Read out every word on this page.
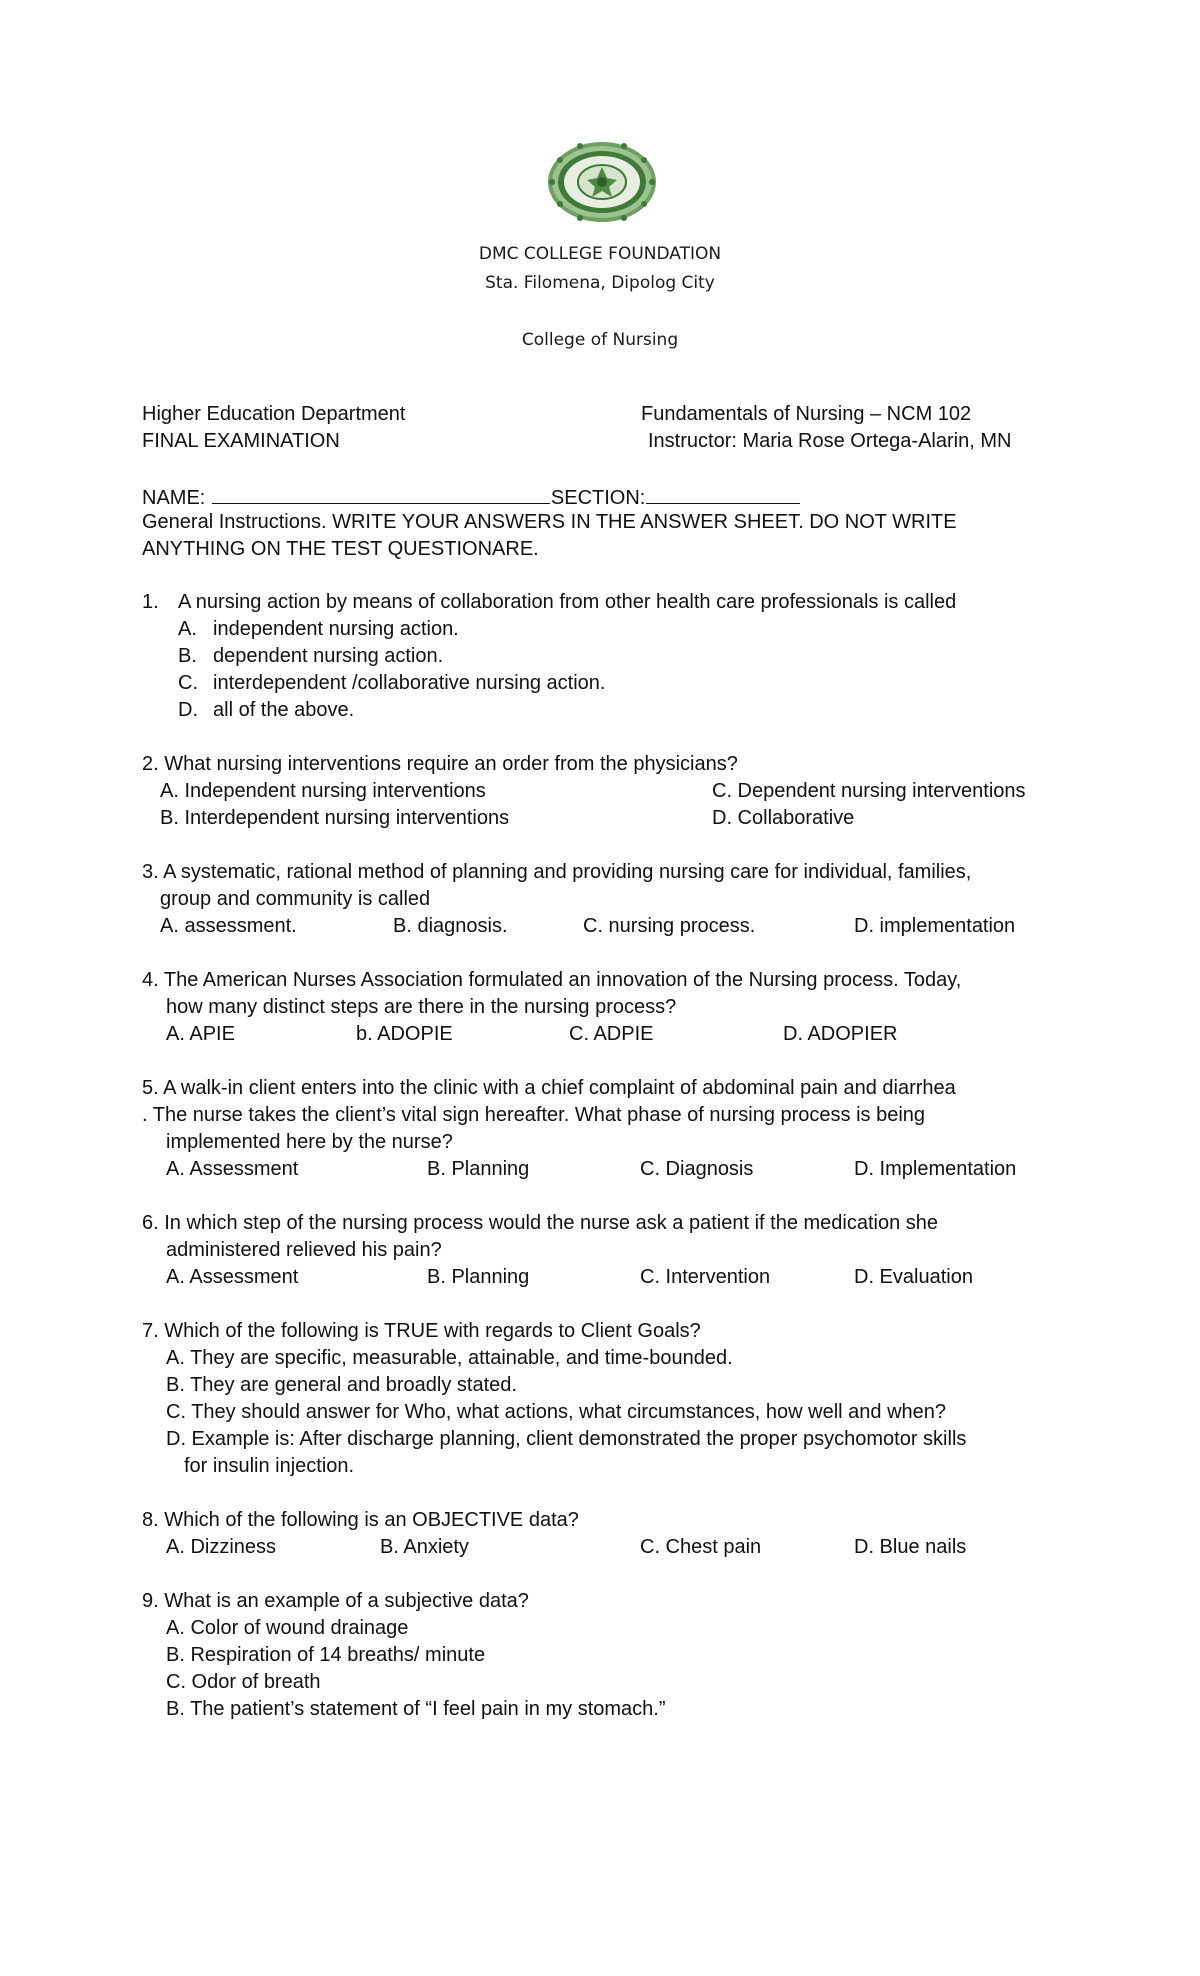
DMC COLLEGE FOUNDATION
Sta. Filomena, Dipolog City
College of Nursing
Higher Education Department
FINAL EXAMINATION
Fundamentals of Nursing – NCM 102
Instructor: Maria Rose Ortega-Alarin, MN
NAME:	SECTION:
General Instructions. WRITE YOUR ANSWERS IN THE ANSWER SHEET. DO NOT WRITE
ANYTHING ON THE TEST QUESTIONARE.
1. A nursing action by means of collaboration from other health care professionals is called
A. independent nursing action.
B. dependent nursing action.
C. interdependent /collaborative nursing action.
D. all of the above.
2. What nursing interventions require an order from the physicians?
A. Independent nursing interventions	C. Dependent nursing interventions
B. Interdependent nursing interventions	D. Collaborative
3. A systematic, rational method of planning and providing nursing care for individual, families,
group and community is called
A. assessment.	B. diagnosis.	C. nursing process.	D. implementation
4. The American Nurses Association formulated an innovation of the Nursing process. Today,
how many distinct steps are there in the nursing process?
A. APIE	b. ADOPIE	C. ADPIE	D. ADOPIER
5. A walk-in client enters into the clinic with a chief complaint of abdominal pain and diarrhea
. The nurse takes the client’s vital sign hereafter. What phase of nursing process is being
implemented here by the nurse?
A. Assessment	B. Planning	C. Diagnosis	D. Implementation
6. In which step of the nursing process would the nurse ask a patient if the medication she
administered relieved his pain?
A. Assessment	B. Planning	C. Intervention	D. Evaluation
7. Which of the following is TRUE with regards to Client Goals?
A. They are specific, measurable, attainable, and time-bounded.
B. They are general and broadly stated.
C. They should answer for Who, what actions, what circumstances, how well and when?
D. Example is: After discharge planning, client demonstrated the proper psychomotor skills
for insulin injection.
8. Which of the following is an OBJECTIVE data?
A. Dizziness	B. Anxiety	C. Chest pain	D. Blue nails
9. What is an example of a subjective data?
A. Color of wound drainage
B. Respiration of 14 breaths/ minute
C. Odor of breath
B. The patient’s statement of “I feel pain in my stomach.”
